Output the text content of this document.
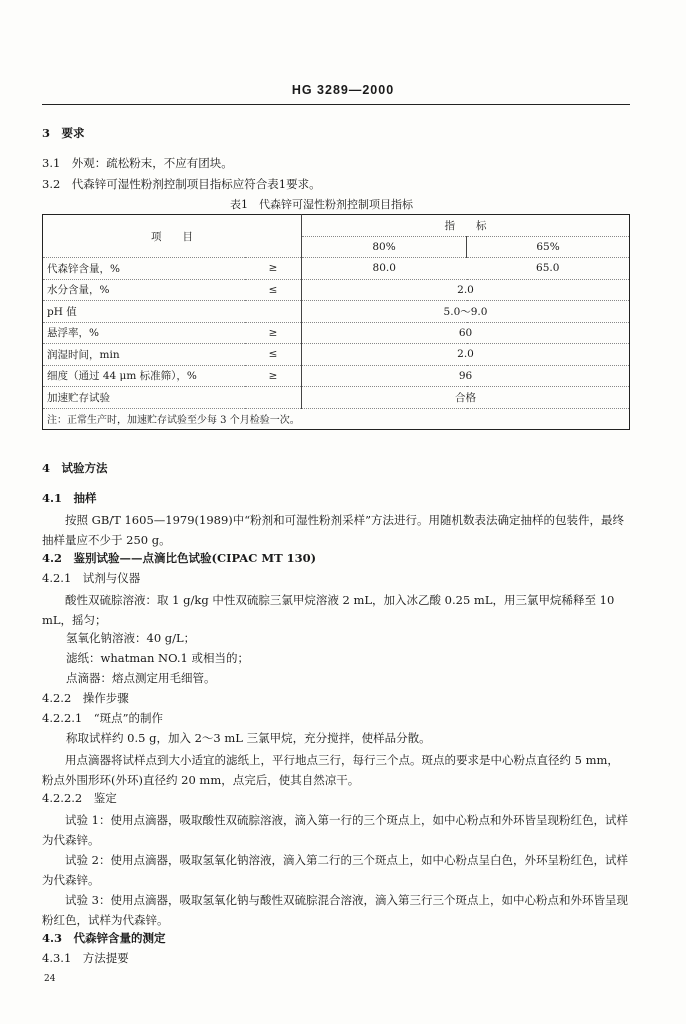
HG 3289—2000
3　要求
3.1　外观：疏松粉末，不应有团块。
3.2　代森锌可湿性粉剂控制项目指标应符合表1要求。
表1　代森锌可湿性粉剂控制项目指标
项　　目		指　　标	
		80%	65%
代森锌含量，%	≥	80.0	65.0
水分含量，%	≤	2.0	
pH 值		5.0～9.0	
悬浮率，%	≥	60	
润湿时间，min	≤	2.0	
细度（通过 44 μm 标准筛），%	≥	96	
加速贮存试验		合格	
注：正常生产时，加速贮存试验至少每 3 个月检验一次。			
4　试验方法
4.1　抽样
按照 GB/T 1605—1979(1989)中“粉剂和可湿性粉剂采样”方法进行。用随机数表法确定抽样的包装件，最终抽样量应不少于 250 g。
4.2　鉴别试验——点滴比色试验(CIPAC MT 130)
4.2.1　试剂与仪器
酸性双硫腙溶液：取 1 g/kg 中性双硫腙三氯甲烷溶液 2 mL，加入冰乙酸 0.25 mL，用三氯甲烷稀释至 10 mL，摇匀；
氢氧化钠溶液：40 g/L；
滤纸：whatman NO.1 或相当的；
点滴器：熔点测定用毛细管。
4.2.2　操作步骤
4.2.2.1　“斑点”的制作
称取试样约 0.5 g，加入 2～3 mL 三氯甲烷，充分搅拌，使样品分散。
用点滴器将试样点到大小适宜的滤纸上，平行地点三行，每行三个点。斑点的要求是中心粉点直径约 5 mm，粉点外围形环(外环)直径约 20 mm，点完后，使其自然凉干。
4.2.2.2　鉴定
试验 1：使用点滴器，吸取酸性双硫腙溶液，滴入第一行的三个斑点上，如中心粉点和外环皆呈现粉红色，试样为代森锌。
试验 2：使用点滴器，吸取氢氧化钠溶液，滴入第二行的三个斑点上，如中心粉点呈白色，外环呈粉红色，试样为代森锌。
试验 3：使用点滴器，吸取氢氧化钠与酸性双硫腙混合溶液，滴入第三行三个斑点上，如中心粉点和外环皆呈现粉红色，试样为代森锌。
4.3　代森锌含量的测定
4.3.1　方法提要
24
